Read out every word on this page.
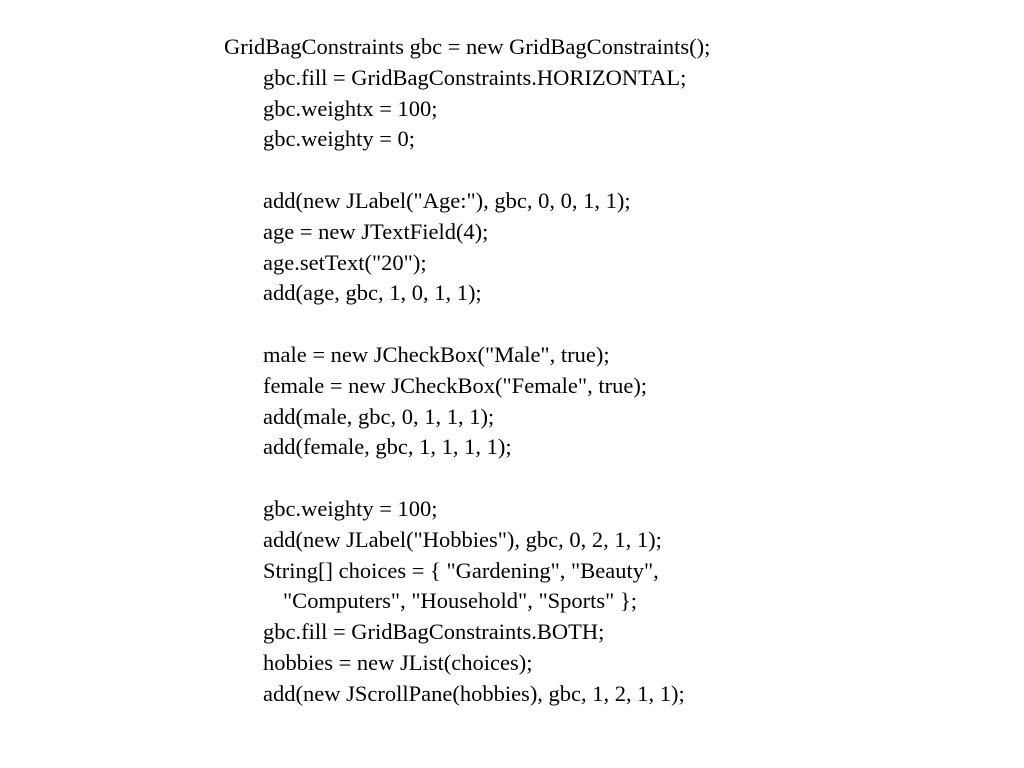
GridBagConstraints gbc = new GridBagConstraints();
gbc.fill = GridBagConstraints.HORIZONTAL;
gbc.weightx = 100;
gbc.weighty = 0;
add(new JLabel("Age:"), gbc, 0, 0, 1, 1);
age = new JTextField(4);
age.setText("20");
add(age, gbc, 1, 0, 1, 1);
male = new JCheckBox("Male", true);
female = new JCheckBox("Female", true);
add(male, gbc, 0, 1, 1, 1);
add(female, gbc, 1, 1, 1, 1);
gbc.weighty = 100;
add(new JLabel("Hobbies"), gbc, 0, 2, 1, 1);
String[] choices = { "Gardening", "Beauty",
"Computers", "Household", "Sports" };
gbc.fill = GridBagConstraints.BOTH;
hobbies = new JList(choices);
add(new JScrollPane(hobbies), gbc, 1, 2, 1, 1);
